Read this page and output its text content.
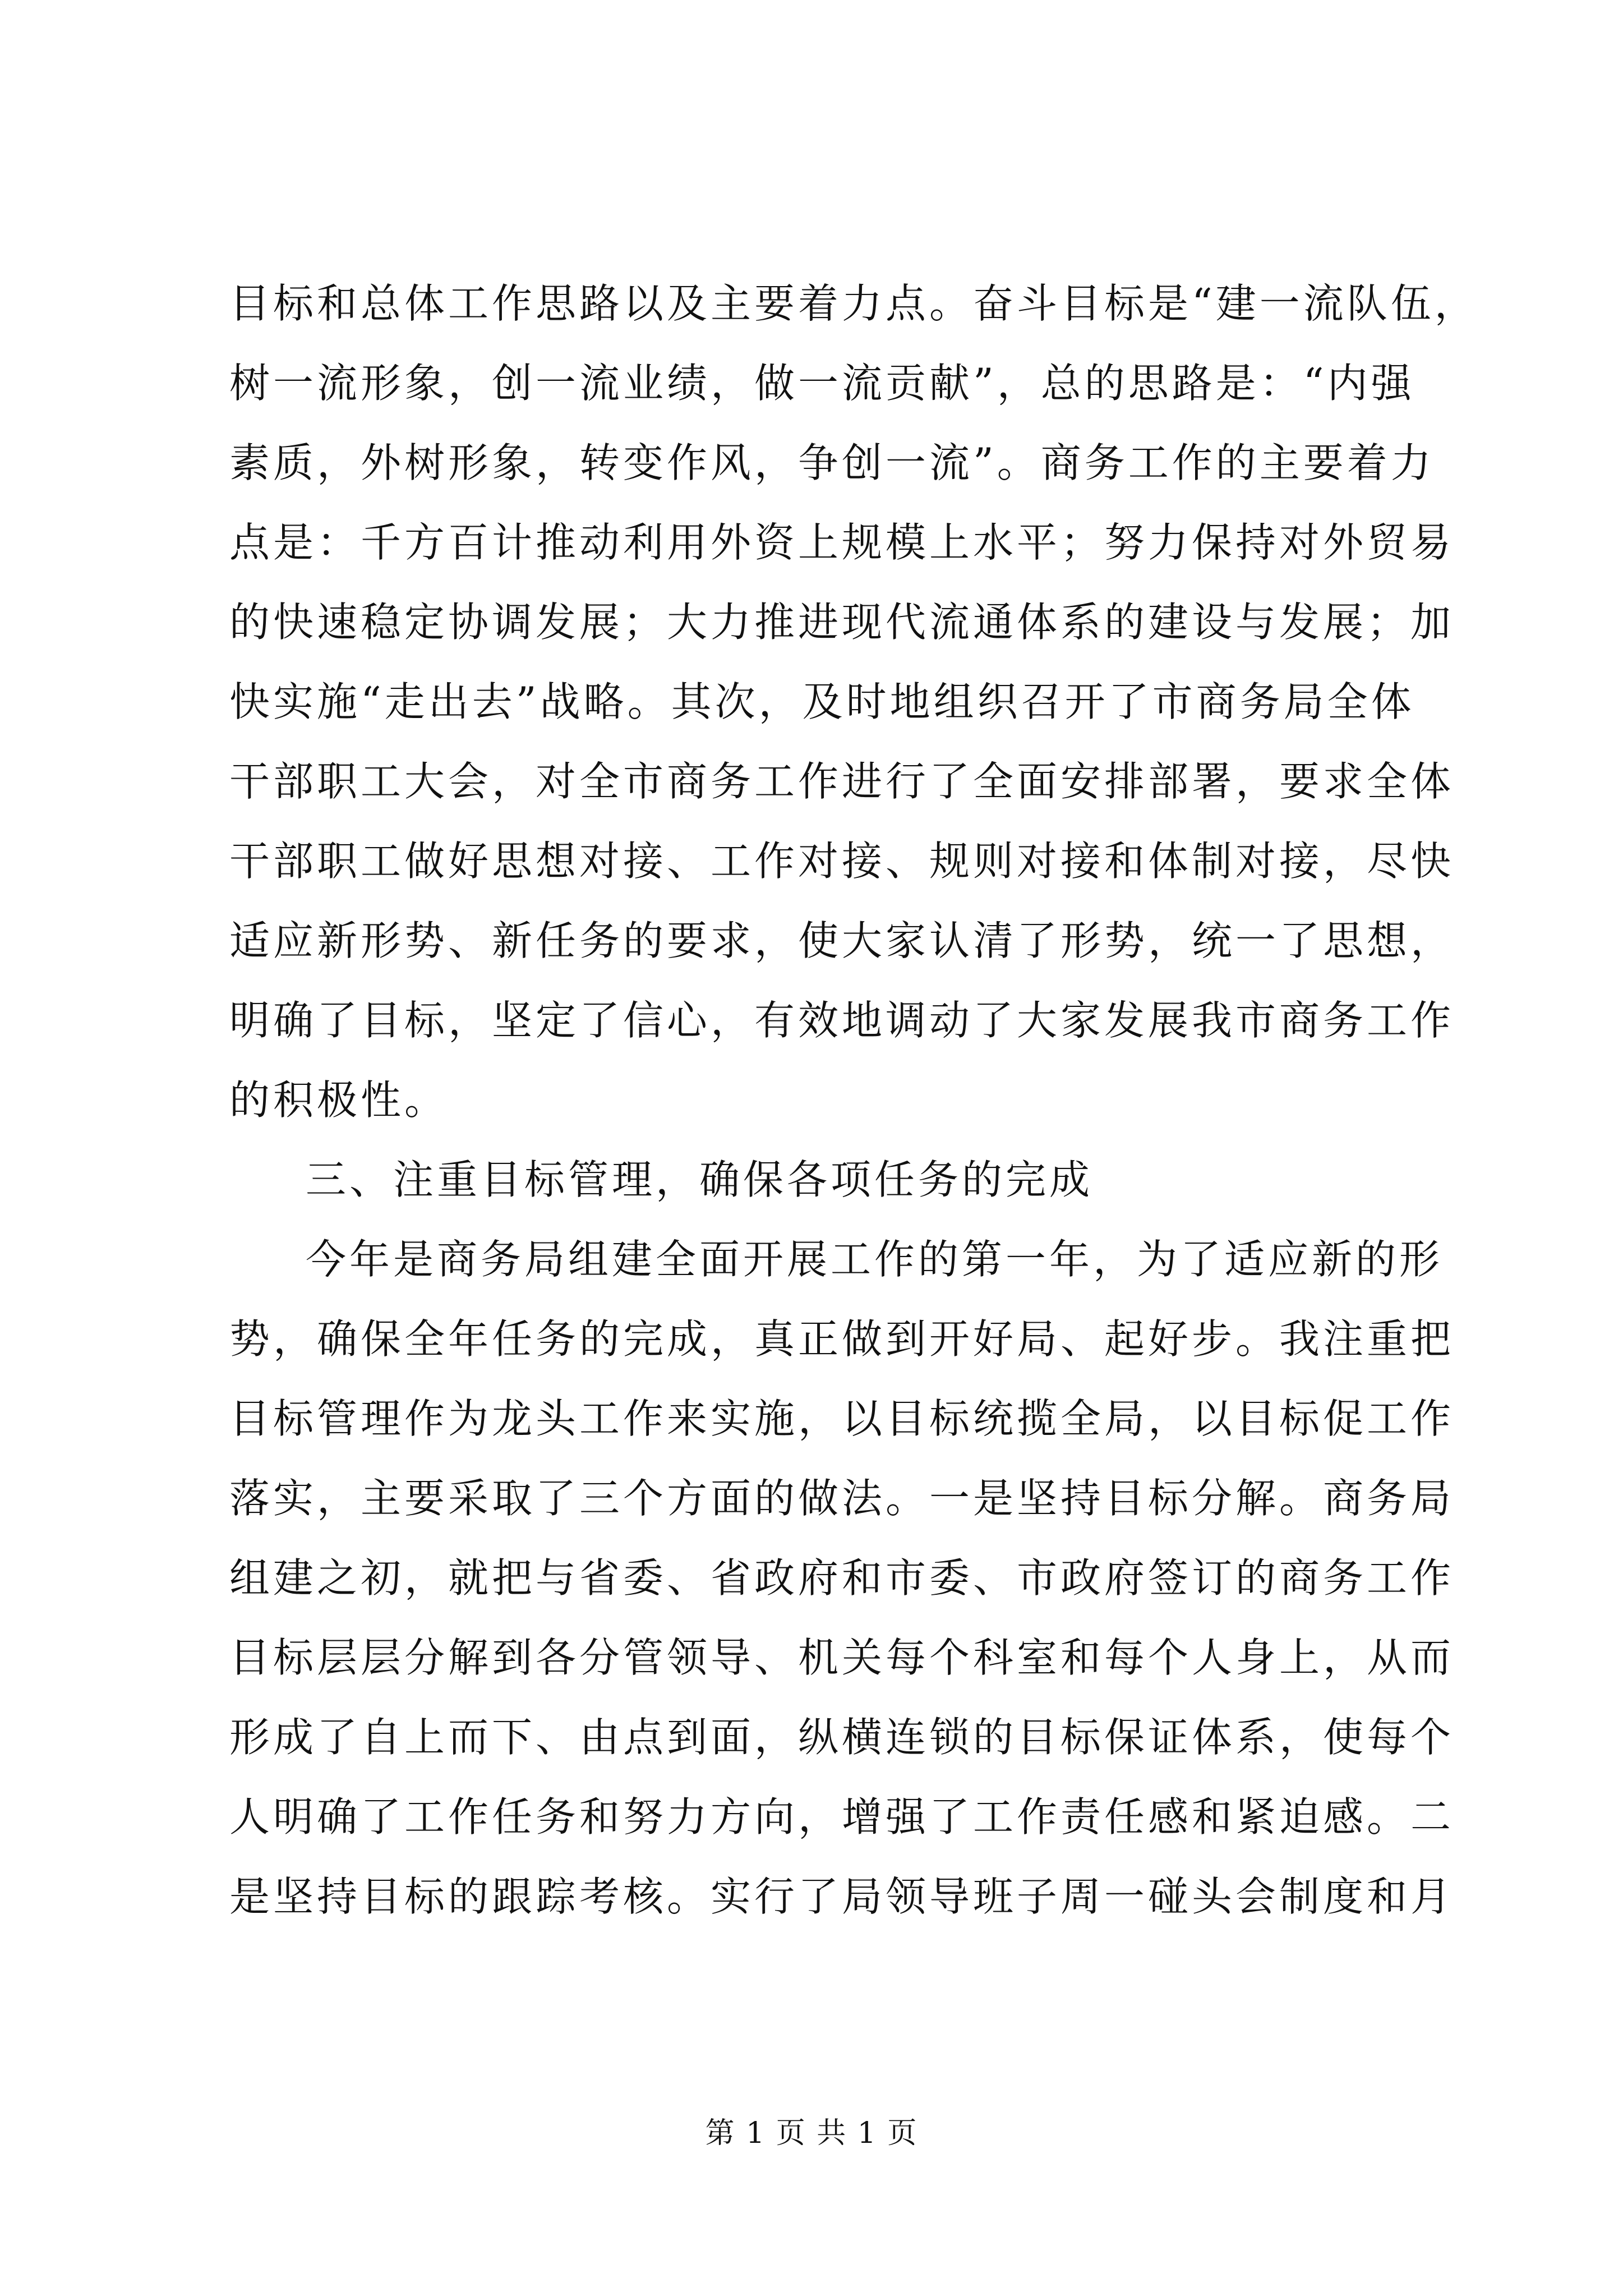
目标和总体工作思路以及主要着力点。奋斗目标是“建一流队伍，
树一流形象，创一流业绩，做一流贡献”，总的思路是：“内强
素质，外树形象，转变作风，争创一流”。商务工作的主要着力
点是：千方百计推动利用外资上规模上水平；努力保持对外贸易
的快速稳定协调发展；大力推进现代流通体系的建设与发展；加
快实施“走出去”战略。其次，及时地组织召开了市商务局全体
干部职工大会，对全市商务工作进行了全面安排部署，要求全体
干部职工做好思想对接、工作对接、规则对接和体制对接，尽快
适应新形势、新任务的要求，使大家认清了形势，统一了思想，
明确了目标，坚定了信心，有效地调动了大家发展我市商务工作
的积极性。
三、注重目标管理，确保各项任务的完成
今年是商务局组建全面开展工作的第一年，为了适应新的形
势，确保全年任务的完成，真正做到开好局、起好步。我注重把
目标管理作为龙头工作来实施，以目标统揽全局，以目标促工作
落实，主要采取了三个方面的做法。一是坚持目标分解。商务局
组建之初，就把与省委、省政府和市委、市政府签订的商务工作
目标层层分解到各分管领导、机关每个科室和每个人身上，从而
形成了自上而下、由点到面，纵横连锁的目标保证体系，使每个
人明确了工作任务和努力方向，增强了工作责任感和紧迫感。二
是坚持目标的跟踪考核。实行了局领导班子周一碰头会制度和月
第 1 页 共 1 页
